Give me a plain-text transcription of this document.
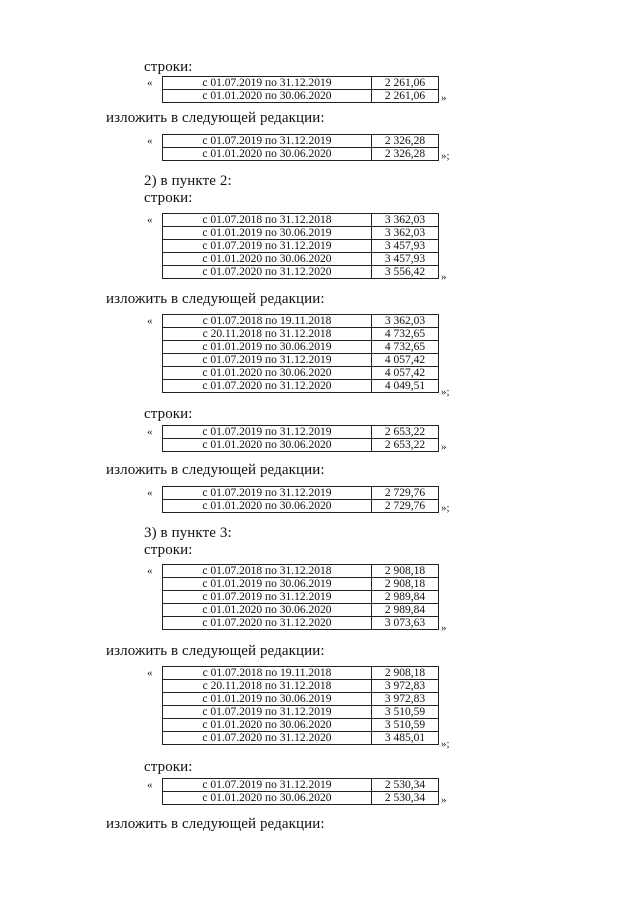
строки:
«	с 01.07.2019 по 31.12.2019	2 261,06
с 01.01.2020 по 30.06.2020	2 261,06 »
изложить в следующей редакции:
«	с 01.07.2019 по 31.12.2019	2 326,28
с 01.01.2020 по 30.06.2020	2 326,28 »;
2) в пункте 2:
строки:
«	с 01.07.2018 по 31.12.2018	3 362,03
с 01.01.2019 по 30.06.2019	3 362,03
с 01.07.2019 по 31.12.2019	3 457,93
с 01.01.2020 по 30.06.2020	3 457,93
с 01.07.2020 по 31.12.2020	3 556,42 »
изложить в следующей редакции:
«	с 01.07.2018 по 19.11.2018	3 362,03
с 20.11.2018 по 31.12.2018	4 732,65
с 01.01.2019 по 30.06.2019	4 732,65
с 01.07.2019 по 31.12.2019	4 057,42
с 01.01.2020 по 30.06.2020	4 057,42
с 01.07.2020 по 31.12.2020	4 049,51
»;
строки:
«	с 01.07.2019 по 31.12.2019	2 653,22
с 01.01.2020 по 30.06.2020	2 653,22 »
изложить в следующей редакции:
«	с 01.07.2019 по 31.12.2019	2 729,76
с 01.01.2020 по 30.06.2020	2 729,76 »;
3) в пункте 3:
строки:
«	с 01.07.2018 по 31.12.2018	2 908,18
с 01.01.2019 по 30.06.2019	2 908,18
с 01.07.2019 по 31.12.2019	2 989,84
с 01.01.2020 по 30.06.2020	2 989,84
с 01.07.2020 по 31.12.2020	3 073,63 »
изложить в следующей редакции:
«	с 01.07.2018 по 19.11.2018	2 908,18
с 20.11.2018 по 31.12.2018	3 972,83
с 01.01.2019 по 30.06.2019	3 972,83
с 01.07.2019 по 31.12.2019	3 510,59
с 01.01.2020 по 30.06.2020	3 510,59
с 01.07.2020 по 31.12.2020	3 485,01
»;
строки:
«	с 01.07.2019 по 31.12.2019	2 530,34
с 01.01.2020 по 30.06.2020	2 530,34 »
изложить в следующей редакции:
